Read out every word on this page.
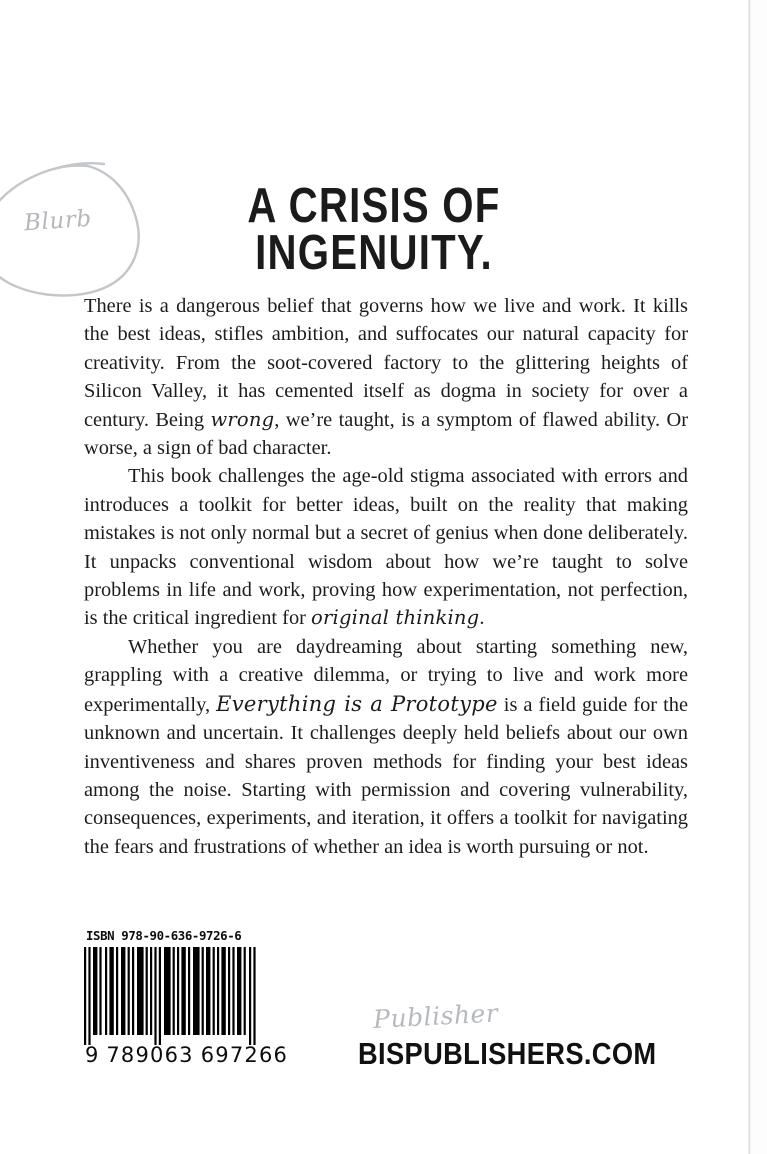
Blurb	A CRISIS OF
INGENUITY.

There is a dangerous belief that governs how we live and work. It kills the best ideas, stifles ambition, and suffocates our natural capacity for creativity. From the soot-covered factory to the glittering heights of Silicon Valley, it has cemented itself as dogma in society for over a century. Being wrong, we’re taught, is a symptom of flawed ability. Or worse, a sign of bad character.

This book challenges the age-old stigma associated with errors and introduces a toolkit for better ideas, built on the reality that making mistakes is not only normal but a secret of genius when done deliberately. It unpacks conventional wisdom about how we’re taught to solve problems in life and work, proving how experimentation, not perfection, is the critical ingredient for original thinking.

Whether you are daydreaming about starting something new, grappling with a creative dilemma, or trying to live and work more experimentally, Everything is a Prototype is a field guide for the unknown and uncertain. It challenges deeply held beliefs about our own inventiveness and shares proven methods for finding your best ideas among the noise. Starting with permission and covering vulnerability, consequences, experiments, and iteration, it offers a toolkit for navigating the fears and frustrations of whether an idea is worth pursuing or not.

ISBN 978-90-636-9726-6
9 789063 697266
Publisher
BISPUBLISHERS.COM
